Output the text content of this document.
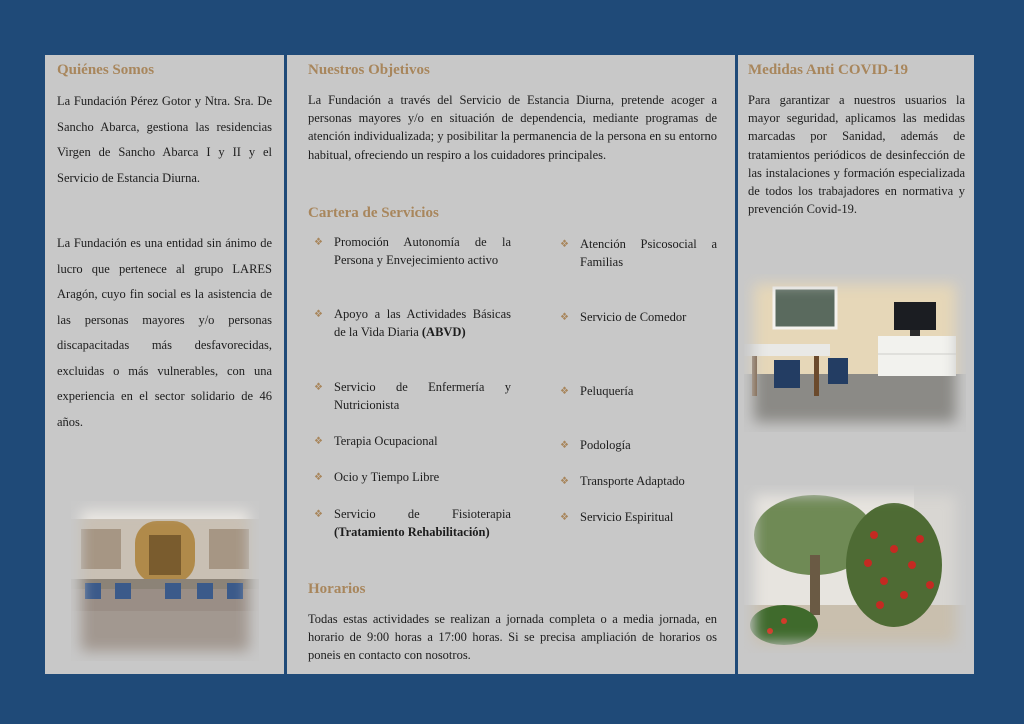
Quiénes Somos

La Fundación Pérez Gotor y Ntra. Sra. De Sancho Abarca, gestiona las residencias Virgen de Sancho Abarca I y II y el Servicio de Estancia Diurna.

La Fundación es una entidad sin ánimo de lucro que pertenece al grupo LARES Aragón, cuyo fin social es la asistencia de las personas mayores y/o personas discapacitadas más desfavorecidas, excluidas o más vulnerables, con una experiencia en el sector solidario de 46 años.

Nuestros Objetivos

La Fundación a través del Servicio de Estancia Diurna, pretende acoger a personas mayores y/o en situación de dependencia, mediante programas de atención individualizada; y posibilitar la permanencia de la persona en su entorno habitual, ofreciendo un respiro a los cuidadores principales.

Cartera de Servicios
❖ Promoción Autonomía de la Persona y Envejecimiento activo
❖ Apoyo a las Actividades Básicas de la Vida Diaria (ABVD)
❖ Servicio de Enfermería y Nutricionista
❖ Terapia Ocupacional
❖ Ocio y Tiempo Libre
❖ Servicio de Fisioterapia (Tratamiento Rehabilitación)
❖ Atención Psicosocial a Familias
❖ Servicio de Comedor
❖ Peluquería
❖ Podología
❖ Transporte Adaptado
❖ Servicio Espiritual
Horarios

Todas estas actividades se realizan a jornada completa o a media jornada, en horario de 9:00 horas a 17:00 horas. Si se precisa ampliación de horarios os poneis en contacto con nosotros.

Medidas Anti COVID-19

Para garantizar a nuestros usuarios la mayor seguridad, aplicamos las medidas marcadas por Sanidad, además de tratamientos periódicos de desinfección de las instalaciones y formación especializada de todos los trabajadores en normativa y prevención Covid-19.
